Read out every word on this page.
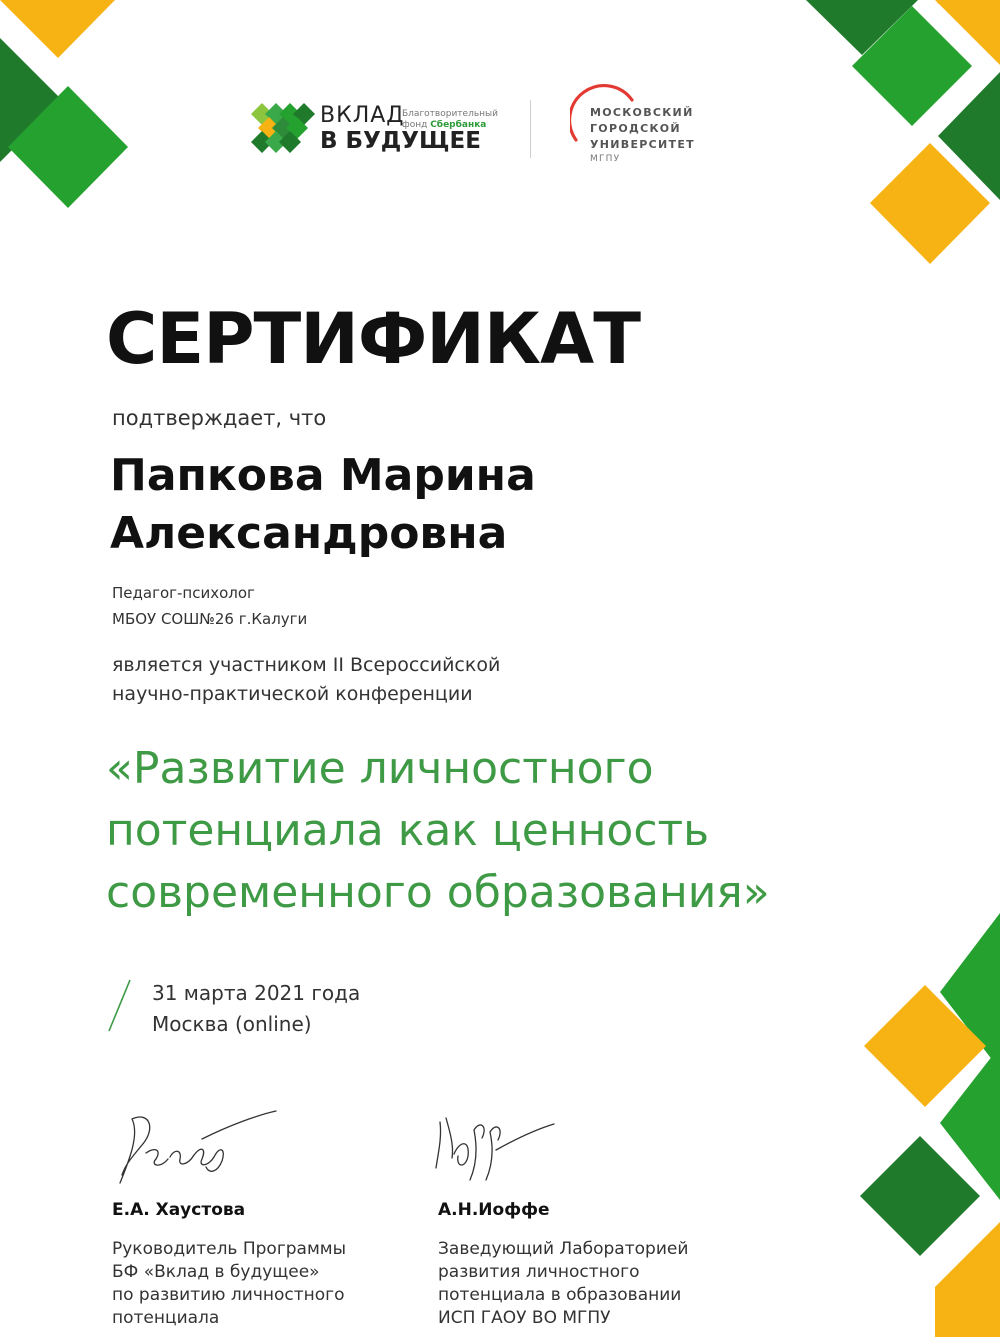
ВКЛАД
В БУДУЩЕЕ
Благотворительный
фонд Сбербанка
МОСКОВСКИЙ
ГОРОДСКОЙ
УНИВЕРСИТЕТ
МГПУ
СЕРТИФИКАТ
подтверждает, что
Папкова Марина
Александровна
Педагог-психолог
МБОУ СОШ№26 г.Калуги
является участником II Всероссийской
научно-практической конференции
«Развитие личностного
потенциала как ценность
современного образования»
31 марта 2021 года
Москва (online)
Е.А. Хаустова
Руководитель Программы
БФ «Вклад в будущее»
по развитию личностного
потенциала
А.Н.Иоффе
Заведующий Лабораторией
развития личностного
потенциала в образовании
ИСП ГАОУ ВО МГПУ
